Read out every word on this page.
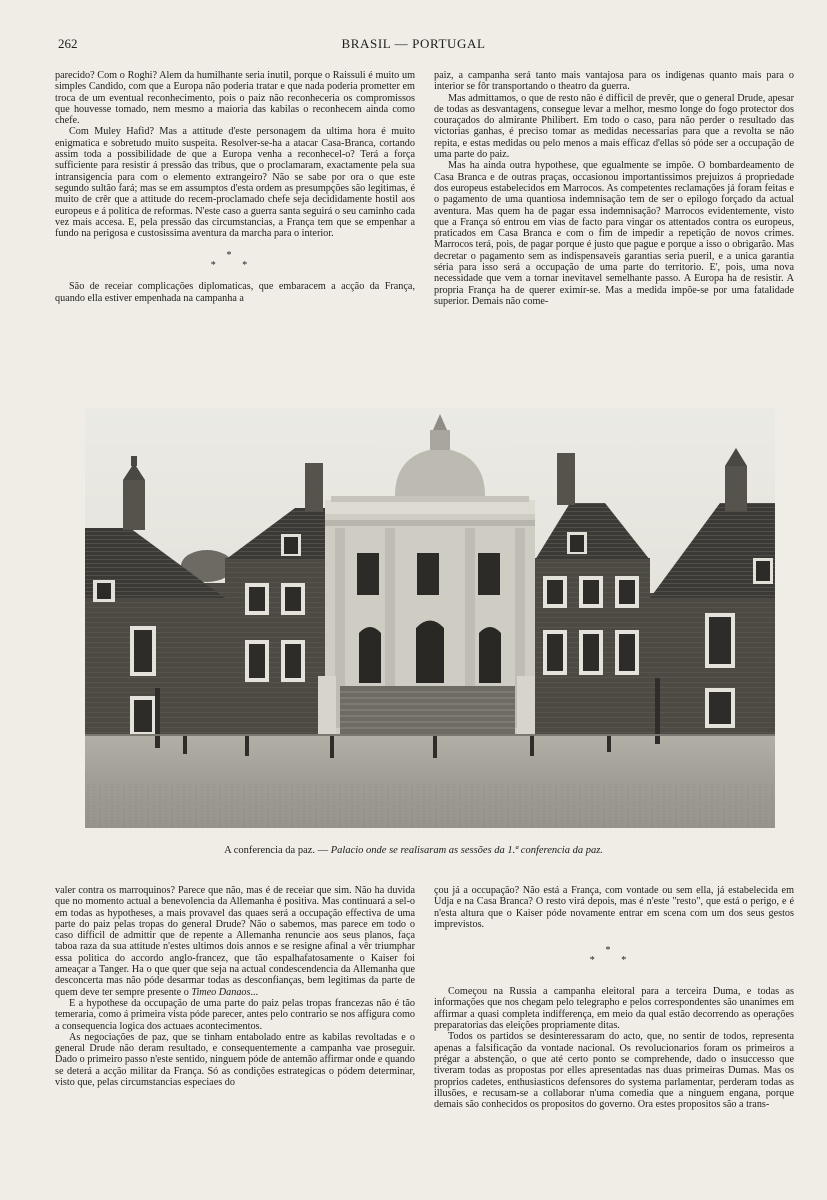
262	BRASIL — PORTUGAL

parecido? Com o Roghi? Alem da humilhante seria inutil, porque o Raissuli é muito um simples Candido, com que a Europa não poderia tratar e que nada poderia prometter em troca de um eventual reconhecimento, pois o paiz não reconheceria os compromissos que houvesse tomado, nem mesmo a maioria das kabilas o reconhecem ainda como chefe.

Com Muley Hafid? Mas a attitude d'este personagem da ultima hora é muito enigmatica e sobretudo muito suspeita. Resolver-se-ha a atacar Casa-Branca, cortando assim toda a possibilidade de que a Europa venha a reconhecel-o? Terá a força sufficiente para resistir á pressão das tribus, que o proclamaram, exactamente pela sua intransigencia para com o elemento extrangeiro? Não se sabe por ora o que este segundo sultão fará; mas se em assumptos d'esta ordem as presumpções são legitimas, é muito de crêr que a attitude do recem-proclamado chefe seja decididamente hostil aos europeus e á politica de reformas. N'este caso a guerra santa seguirá o seu caminho cada vez mais accesa. E, pela pressão das circumstancias, a França tem que se empenhar a fundo na perigosa e custosissima aventura da marcha para o interior.

*
* *

São de receiar complicações diplomaticas, que embaracem a acção da França, quando ella estiver empenhada na campanha a

paiz, a campanha será tanto mais vantajosa para os indigenas quanto mais para o interior se fôr transportando o theatro da guerra.

Mas admittamos, o que de resto não é difficil de prevêr, que o general Drude, apesar de todas as desvantagens, consegue levar a melhor, mesmo longe do fogo protector dos couraçados do almirante Philibert. Em todo o caso, para não perder o resultado das victorias ganhas, é preciso tomar as medidas necessarias para que a revolta se não repita, e estas medidas ou pelo menos a mais efficaz d'ellas só póde ser a occupação de uma parte do paiz.

Mas ha ainda outra hypothese, que egualmente se impõe. O bombardeamento de Casa Branca e de outras praças, occasionou importantissimos prejuizos á propriedade dos europeus estabelecidos em Marrocos. As competentes reclamações já foram feitas e o pagamento de uma quantiosa indemnisação tem de ser o epilogo forçado da actual aventura. Mas quem ha de pagar essa indemnisação? Marrocos evidentemente, visto que a França só entrou em vias de facto para vingar os attentados contra os europeus, praticados em Casa Branca e com o fim de impedir a repetição de novos crimes. Marrocos terá, pois, de pagar porque é justo que pague e porque a isso o obrigarão. Mas decretar o pagamento sem as indispensaveis garantias seria pueril, e a unica garantia séria para isso será a occupação de uma parte do territorio. E', pois, uma nova necessidade que vem a tornar inevitavel semelhante passo. A Europa ha de resistir. A propria França ha de querer eximir-se. Mas a medida impõe-se por uma fatalidade superior. Demais não come-

A conferencia da paz. — Palacio onde se realisaram as sessões da 1.ª conferencia da paz.

valer contra os marroquinos? Parece que não, mas é de receiar que sim. Não ha duvida que no momento actual a benevolencia da Allemanha é positiva. Mas continuará a sel-o em todas as hypotheses, a mais provavel das quaes será a occupação effectiva de uma parte do paiz pelas tropas do general Drude? Não o sabemos, mas parece em todo o caso difficil de admittir que de repente a Allemanha renuncie aos seus planos, faça taboa raza da sua attitude n'estes ultimos dois annos e se resigne afinal a vêr triumphar essa politica do accordo anglo-francez, que tão espalhafatosamente o Kaiser foi ameaçar a Tanger. Ha o que quer que seja na actual condescendencia da Allemanha que desconcerta mas não póde desarmar todas as desconfianças, bem legitimas da parte de quem deve ter sempre presente o Timeo Danaos...

E a hypothese da occupação de uma parte do paiz pelas tropas francezas não é tão temeraria, como á primeira vista póde parecer, antes pelo contrario se nos affigura como a consequencia logica dos actuaes acontecimentos.

As negociações de paz, que se tinham entabolado entre as kabilas revoltadas e o general Drude não deram resultado, e consequentemente a campanha vae proseguir. Dado o primeiro passo n'este sentido, ninguem póde de antemão affirmar onde e quando se deterá a acção militar da França. Só as condições estrategicas o pódem determinar, visto que, pelas circumstancias especiaes do

çou já a occupação? Não está a França, com vontade ou sem ella, já estabelecida em Udja e na Casa Branca? O resto virá depois, mas é n'este "resto", que está o perigo, e é n'esta altura que o Kaiser póde novamente entrar em scena com um dos seus gestos imprevistos.

*
* *

Começou na Russia a campanha eleitoral para a terceira Duma, e todas as informações que nos chegam pelo telegrapho e pelos correspondentes são unanimes em affirmar a quasi completa indifferença, em meio da qual estão decorrendo as operações preparatorias das eleições propriamente ditas.

Todos os partidos se desinteressaram do acto, que, no sentir de todos, representa apenas a falsificação da vontade nacional. Os revolucionarios foram os primeiros a prégar a abstenção, o que até certo ponto se comprehende, dado o insuccesso que tiveram todas as propostas por elles apresentadas nas duas primeiras Dumas. Mas os proprios cadetes, enthusiasticos defensores do systema parlamentar, perderam todas as illusões, e recusam-se a collaborar n'uma comedia que a ninguem engana, porque demais são conhecidos os propositos do governo. Ora estes propositos são a trans-
